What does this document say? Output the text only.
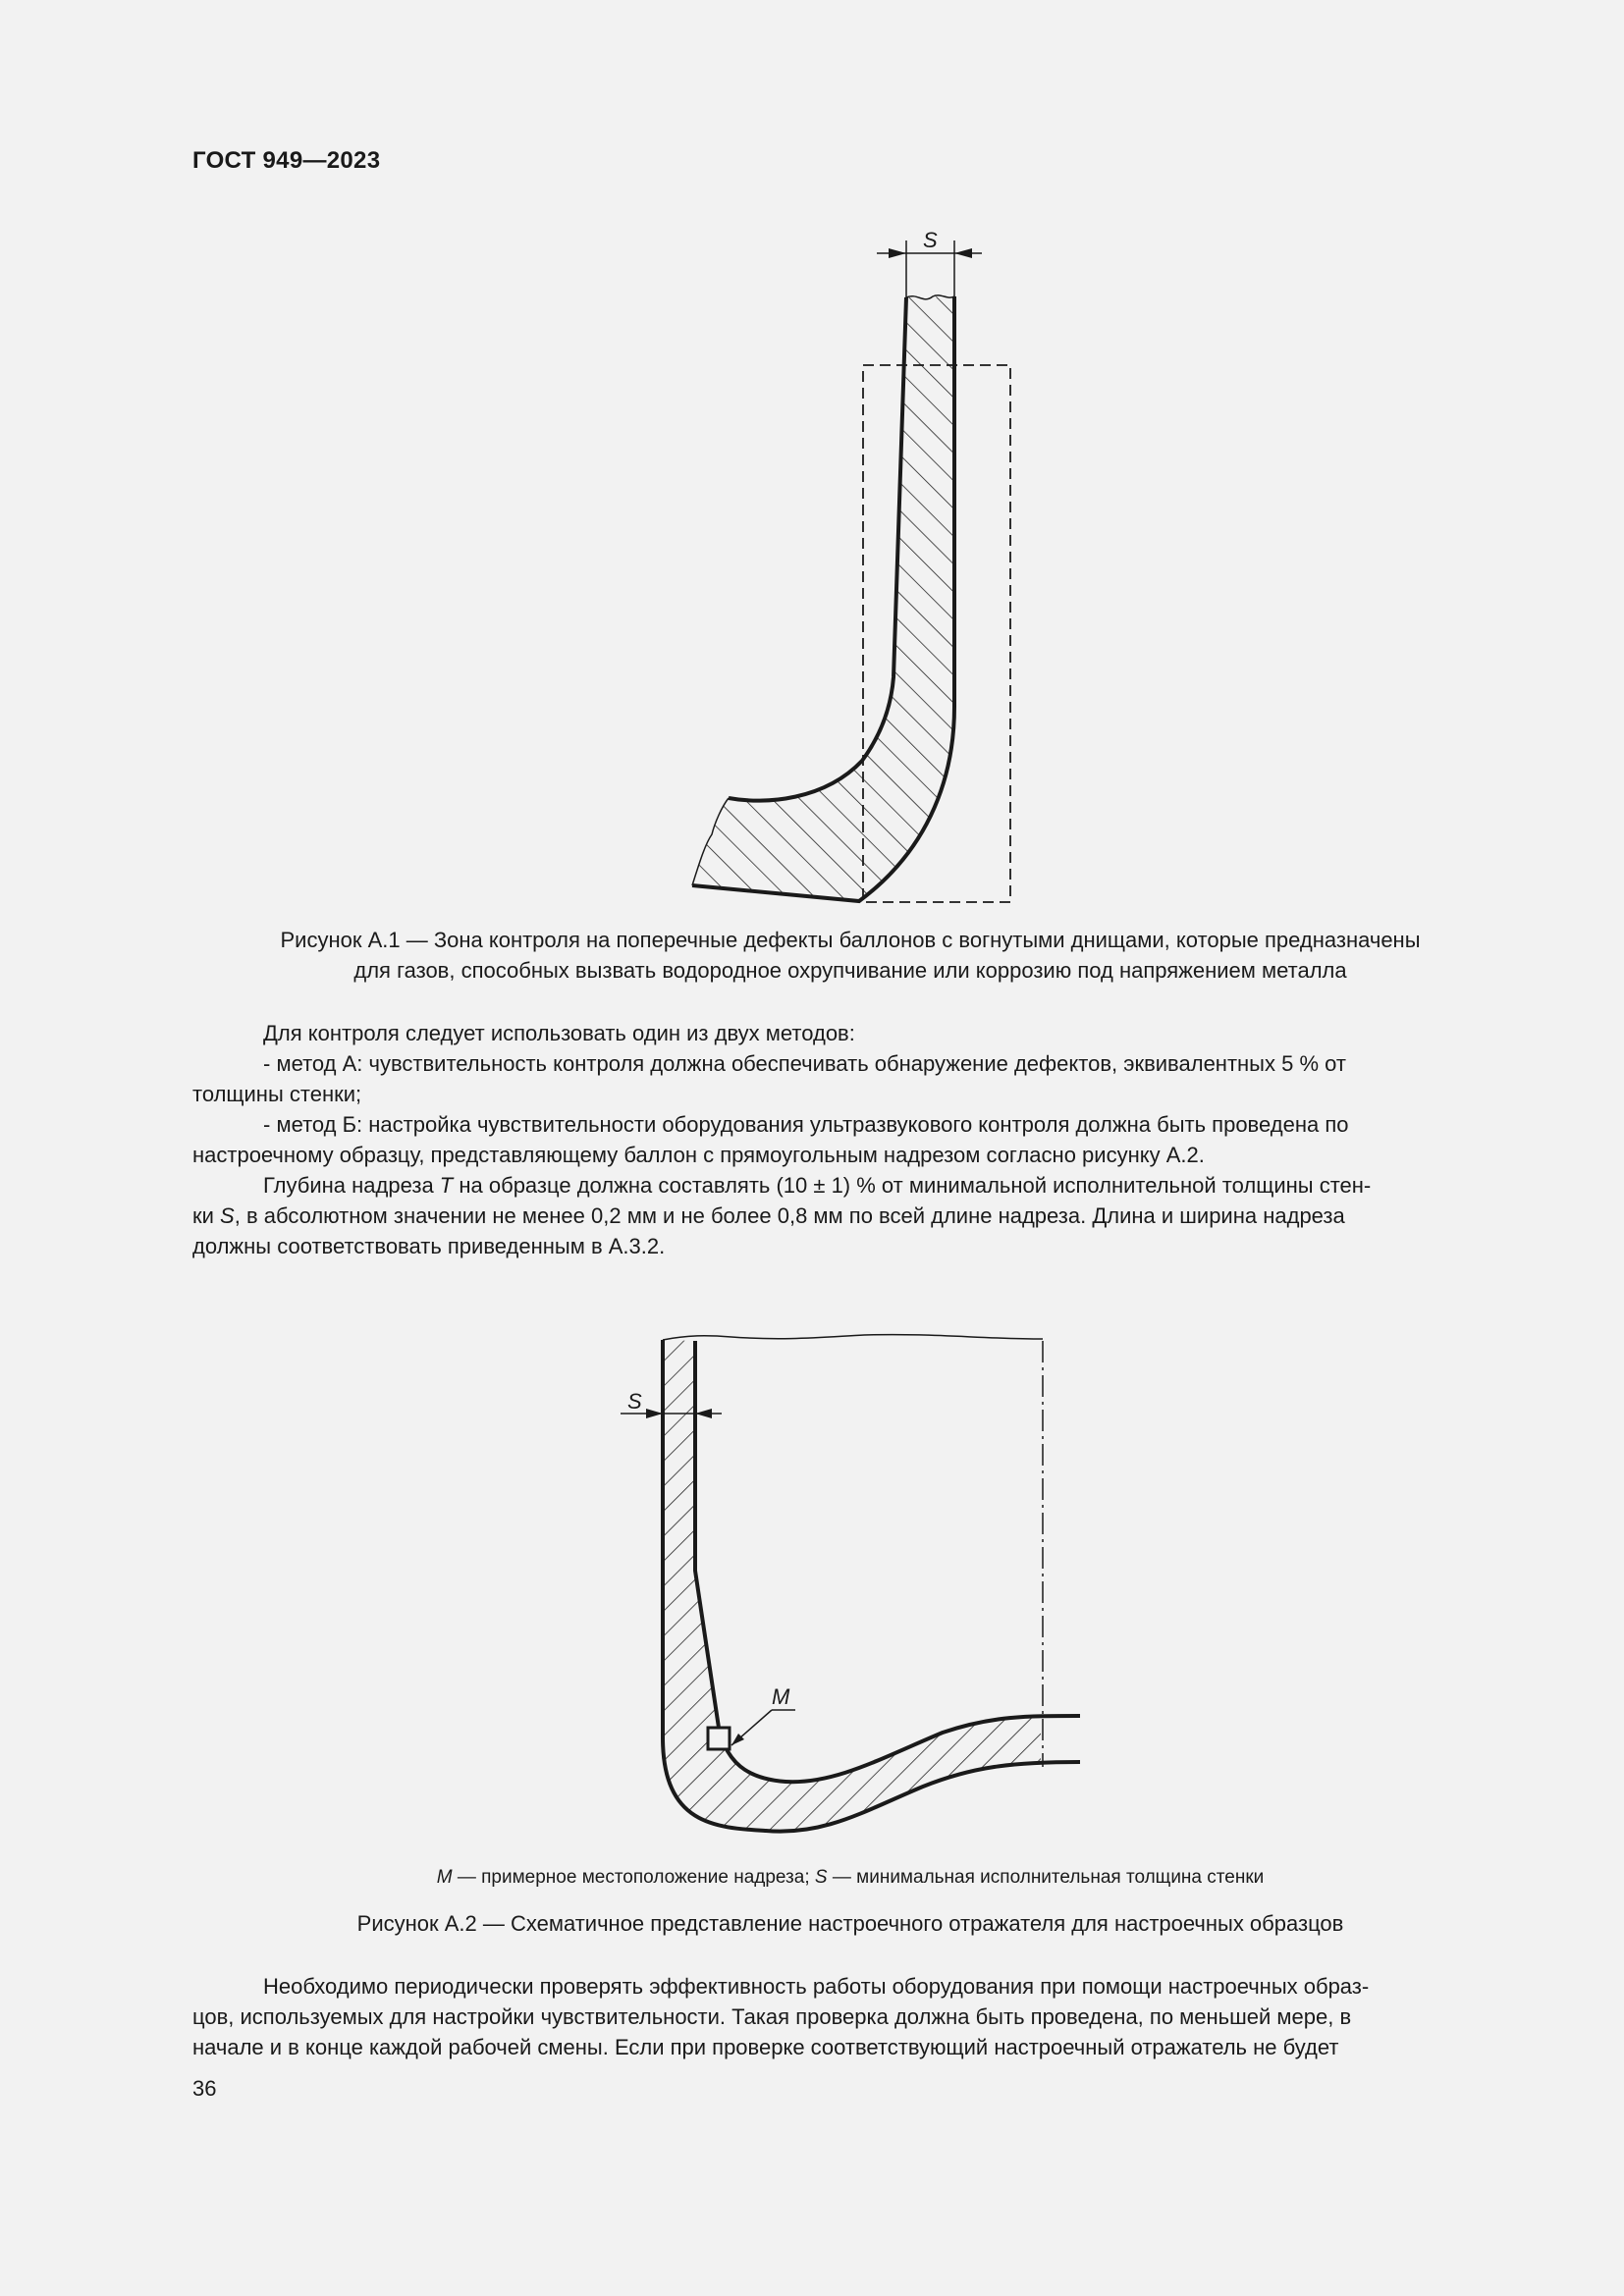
ГОСТ 949—2023
S
Рисунок А.1 — Зона контроля на поперечные дефекты баллонов с вогнутыми днищами, которые предназначены
для газов, способных вызвать водородное охрупчивание или коррозию под напряжением металла

Для контроля следует использовать один из двух методов:

- метод А: чувствительность контроля должна обеспечивать обнаружение дефектов, эквивалентных 5 % от

толщины стенки;

- метод Б: настройка чувствительности оборудования ультразвукового контроля должна быть проведена по

настроечному образцу, представляющему баллон с прямоугольным надрезом согласно рисунку А.2.

Глубина надреза T на образце должна составлять (10 ± 1) % от минимальной исполнительной толщины стен-

ки S, в абсолютном значении не менее 0,2 мм и не более 0,8 мм по всей длине надреза. Длина и ширина надреза

должны соответствовать приведенным в А.3.2.

M
S
M — примерное местоположение надреза; S — минимальная исполнительная толщина стенки
Рисунок А.2 — Схематичное представление настроечного отражателя для настроечных образцов

Необходимо периодически проверять эффективность работы оборудования при помощи настроечных образ-

цов, используемых для настройки чувствительности. Такая проверка должна быть проведена, по меньшей мере, в

начале и в конце каждой рабочей смены. Если при проверке соответствующий настроечный отражатель не будет

36
